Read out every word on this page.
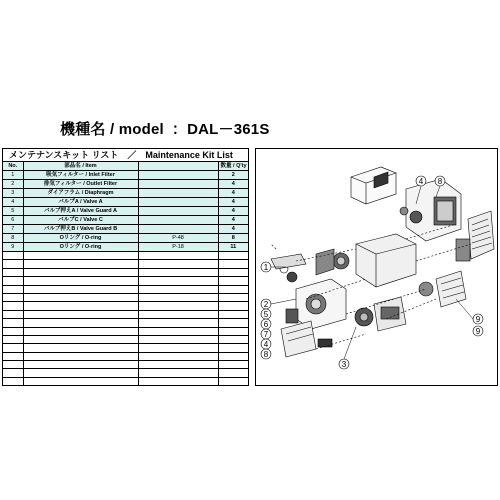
機種名 / model ：DAL－361S
メンテナンスキット リスト　／　Maintenance Kit List
No.	部品名 / Item		数量 / Q'ty
1	吸気フィルター / Inlet Filter		2
2	排気フィルター / Outlet Filter		4
3	ダイアフラム / Diaphragm		4
4	バルブA / Valve A		4
5	バルブ押えA / Valve Guard A		4
6	バルブC / Valve C		4
7	バルブ押えB / Valve Guard B		4
8	Oリング / O-ring	P-48	8
9	Oリング / O-ring	P-18	11

1
2
3
4
5
6
7
8
9
4
8
9
